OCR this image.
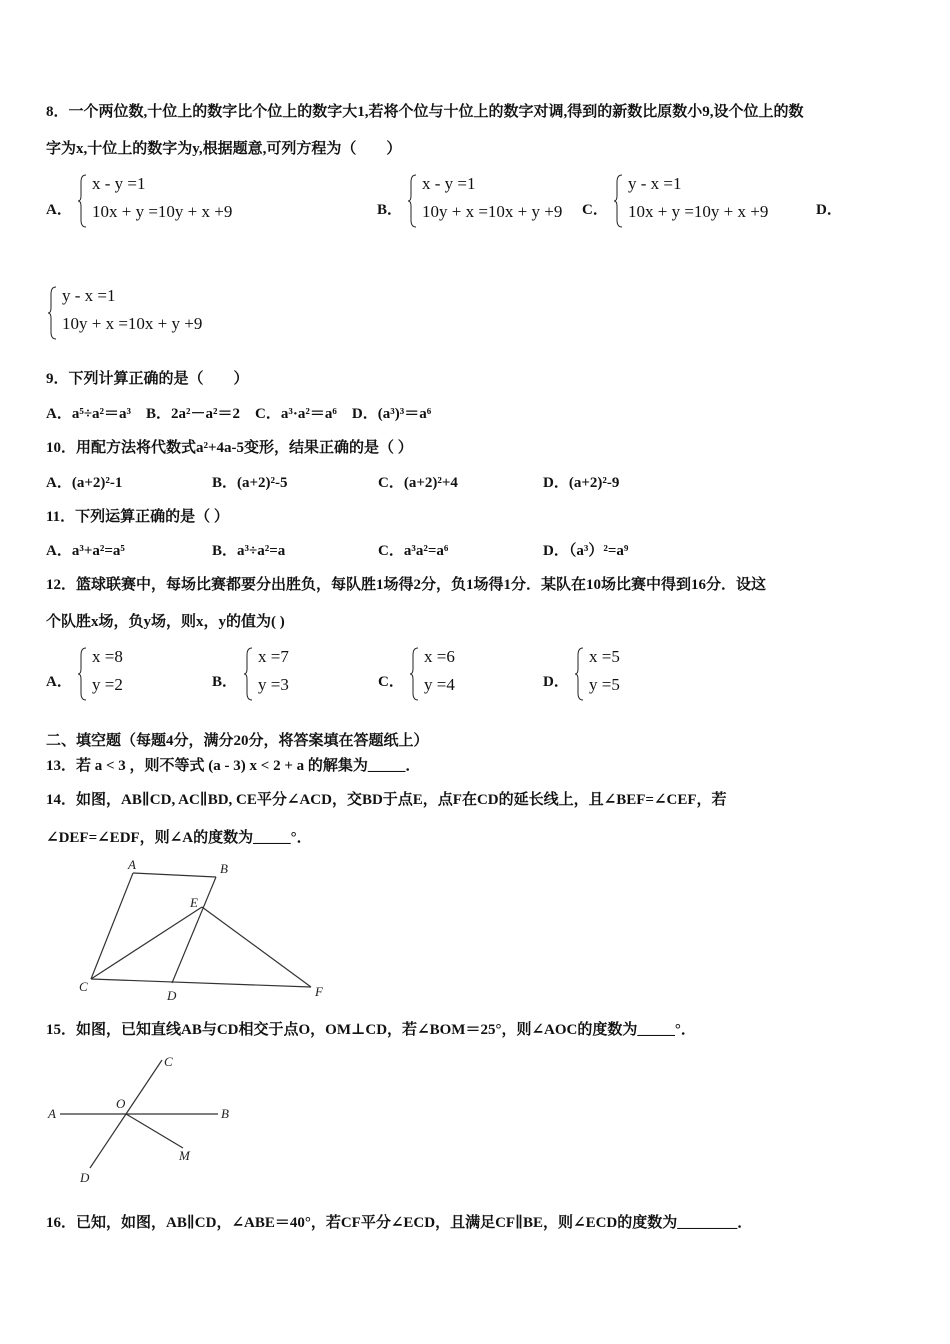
8．一个两位数,十位上的数字比个位上的数字大1,若将个位与十位上的数字对调,得到的新数比原数小9,设个位上的数
字为x,十位上的数字为y,根据题意,可列方程为（　　）
A．
x - y =1
10x + y =10y + x +9	B．
x - y =1
10y + x =10x + y +9 C．
y - x =1
10x + y =10y + x +9	D．
y - x =1
10y + x =10x + y +9
9．下列计算正确的是（　　）
A．a⁵÷a²＝a³　B．2a²－a²＝2　C．a³·a²＝a⁶　D．(a³)³＝a⁶
10．用配方法将代数式a²+4a-5变形，结果正确的是（ ）
A．(a+2)²-1	B．(a+2)²-5	C．(a+2)²+4	D．(a+2)²-9
11．下列运算正确的是（ ）
A．a³+a²=a⁵	B．a³÷a²=a	C．a³a²=a⁶	D．（a³）²=a⁹
12．篮球联赛中，每场比赛都要分出胜负，每队胜1场得2分，负1场得1分．某队在10场比赛中得到16分．设这
个队胜x场，负y场，则x，y的值为( )
A．
x =8
y =2	B．
x =7
y =3	C．
x =6
y =4	D．
x =5
y =5
二、填空题（每题4分，满分20分，将答案填在答题纸上）
13．若 a < 3 ，则不等式 (a - 3) x < 2 + a 的解集为_____．
14．如图，AB∥CD, AC∥BD, CE平分∠ACD，交BD于点E，点F在CD的延长线上，且∠BEF=∠CEF，若
∠DEF=∠EDF，则∠A的度数为_____°．
A	B
E
C
D	F
15．如图，已知直线AB与CD相交于点O，OM⊥CD，若∠BOM＝25°，则∠AOC的度数为_____°．
C
A
O
B
M
D
16．已知，如图，AB∥CD，∠ABE＝40°，若CF平分∠ECD，且满足CF∥BE，则∠ECD的度数为________．
